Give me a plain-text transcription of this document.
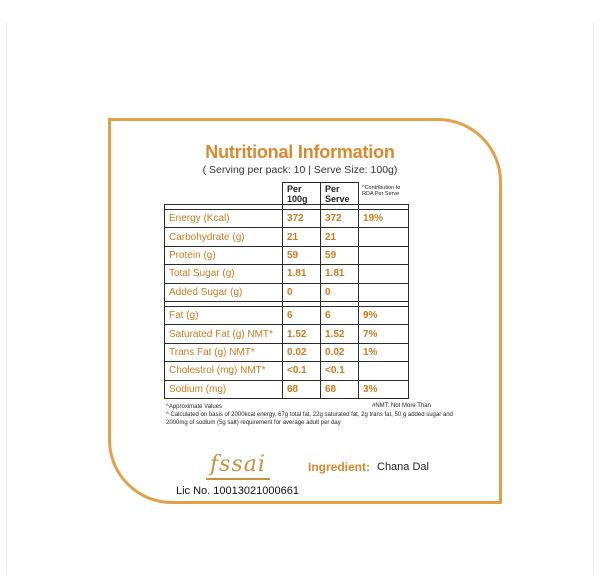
Nutritional Information
( Serving per pack: 10 | Serve Size: 100g)
	Per 100g	Per Serve	^Contribution to RDA Per Serve

Energy (Kcal)	372	372	19%
Carbohydrate (g)	21	21	
Protein (g)	59	59	
Total Sugar (g)	1.81	1.81	
Added Sugar (g)	0	0	

Fat (g)	6	6	9%
Saturated Fat (g) NMT*	1.52	1.52	7%
Trans Fat (g) NMT*	0.02	0.02	1%
Cholestrol (mg) NMT*	<0.1	<0.1	
Sodium (mg)	68	68	3%
^Approximate Values
^ Calculated on basis of 2000kcal energy, 67g total fat, 22g saturated fat, 2g trans fat, 50 g added sugar and 2000mg of sodium (5g salt) requirement for average adult per day
#NMT: Not More Than
fssai
Lic No. 10013021000661
Ingredient: Chana Dal
